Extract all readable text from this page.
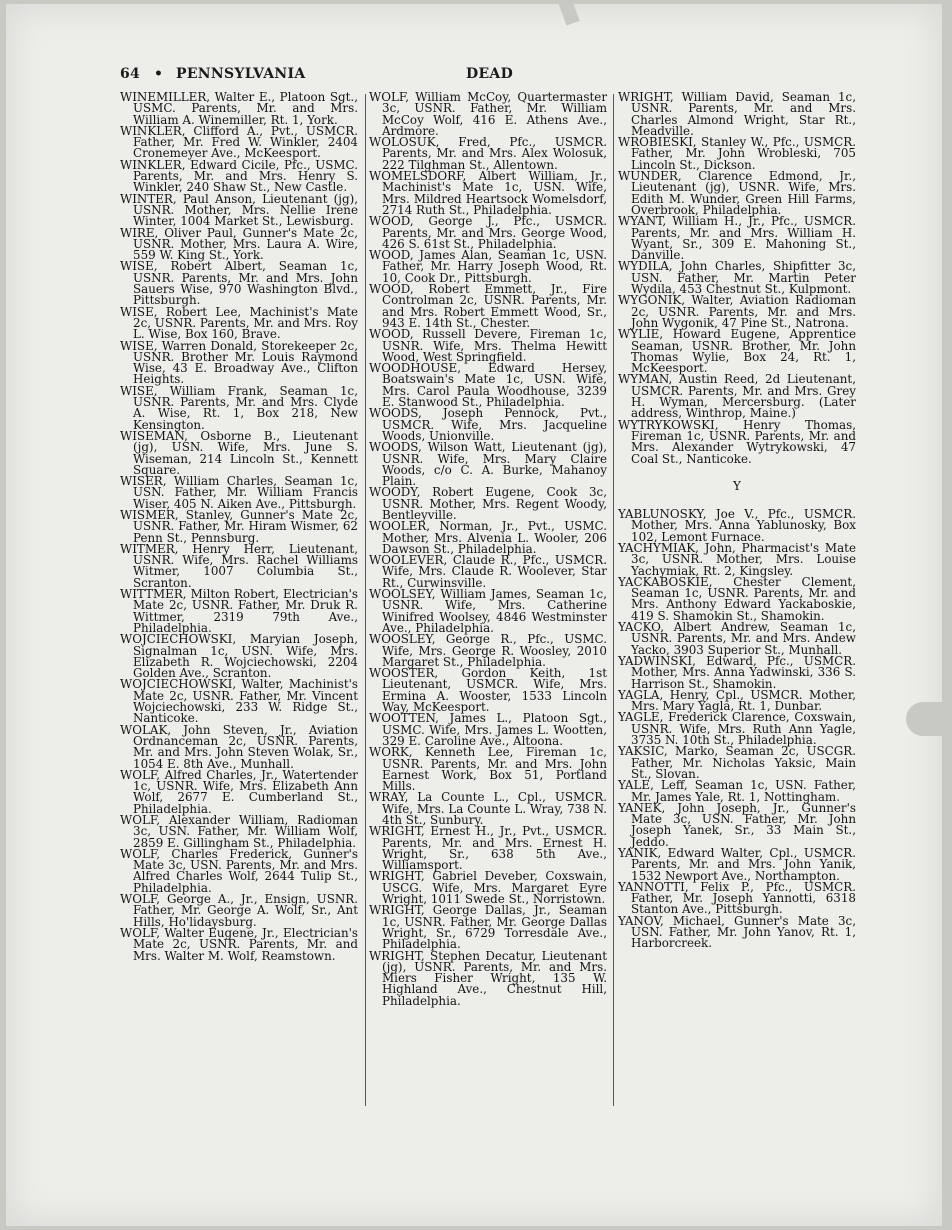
64 • PENNSYLVANIA	DEAD
WINEMILLER, Walter E., Platoon Sgt., USMC. Parents, Mr. and Mrs. William A. Winemiller, Rt. 1, York.
WINKLER, Clifford A., Pvt., USMCR. Father, Mr. Fred W. Winkler, 2404 Cronemeyer Ave., McKeesport.
WINKLER, Edward Cicile, Pfc., USMC. Parents, Mr. and Mrs. Henry S. Winkler, 240 Shaw St., New Castle.
WINTER, Paul Anson, Lieutenant (jg), USNR. Mother, Mrs. Nellie Irene Winter, 1004 Market St., Lewisburg.
WIRE, Oliver Paul, Gunner's Mate 2c, USNR. Mother, Mrs. Laura A. Wire, 559 W. King St., York.
WISE, Robert Albert, Seaman 1c, USNR. Parents, Mr. and Mrs. John Sauers Wise, 970 Washington Blvd., Pittsburgh.
WISE, Robert Lee, Machinist's Mate 2c, USNR. Parents, Mr. and Mrs. Roy L. Wise, Box 160, Brave.
WISE, Warren Donald, Storekeeper 2c, USNR. Brother Mr. Louis Raymond Wise, 43 E. Broadway Ave., Clifton Heights.
WISE, William Frank, Seaman 1c, USNR. Parents, Mr. and Mrs. Clyde A. Wise, Rt. 1, Box 218, New Kensington.
WISEMAN, Osborne B., Lieutenant (jg), USN. Wife, Mrs. June S. Wiseman, 214 Lincoln St., Kennett Square.
WISER, William Charles, Seaman 1c, USN. Father, Mr. William Francis Wiser, 405 N. Aiken Ave., Pittsburgh.
WISMER, Stanley, Gunner's Mate 2c, USNR. Father, Mr. Hiram Wismer, 62 Penn St., Pennsburg.
WITMER, Henry Herr, Lieutenant, USNR. Wife, Mrs. Rachel Williams Witmer, 1007 Columbia St., Scranton.
WITTMER, Milton Robert, Electrician's Mate 2c, USNR. Father, Mr. Druk R. Wittmer, 2319 79th Ave., Philadelphia.
WOJCIECHOWSKI, Maryian Joseph, Signalman 1c, USN. Wife, Mrs. Elizabeth R. Wojciechowski, 2204 Golden Ave., Scranton.
WOJCIECHOWSKI, Walter, Machinist's Mate 2c, USNR. Father, Mr. Vincent Wojciechowski, 233 W. Ridge St., Nanticoke.
WOLAK, John Steven, Jr., Aviation Ordnanceman 2c, USNR. Parents, Mr. and Mrs. John Steven Wolak, Sr., 1054 E. 8th Ave., Munhall.
WOLF, Alfred Charles, Jr., Watertender 1c, USNR. Wife, Mrs. Elizabeth Ann Wolf, 2677 E. Cumberland St., Philadelphia.
WOLF, Alexander William, Radioman 3c, USN. Father, Mr. William Wolf, 2859 E. Gillingham St., Philadelphia.
WOLF, Charles Frederick, Gunner's Mate 3c, USN. Parents, Mr. and Mrs. Alfred Charles Wolf, 2644 Tulip St., Philadelphia.
WOLF, George A., Jr., Ensign, USNR. Father, Mr. George A. Wolf, Sr., Ant Hills, Ho'lidaysburg.
WOLF, Walter Eugene, Jr., Electrician's Mate 2c, USNR. Parents, Mr. and Mrs. Walter M. Wolf, Reamstown.
WOLF, William McCoy, Quartermaster 3c, USNR. Father, Mr. William McCoy Wolf, 416 E. Athens Ave., Ardmore.
WOLOSUK, Fred, Pfc., USMCR. Parents, Mr. and Mrs. Alex Wolosuk, 222 Tilghman St., Allentown.
WOMELSDORF, Albert William, Jr., Machinist's Mate 1c, USN. Wife, Mrs. Mildred Heartsock Womelsdorf, 2714 Ruth St., Philadelphia.
WOOD, George J., Pfc., USMCR. Parents, Mr. and Mrs. George Wood, 426 S. 61st St., Philadelphia.
WOOD, James Alan, Seaman 1c, USN. Father, Mr. Harry Joseph Wood, Rt. 10, Cook Dr., Pittsburgh.
WOOD, Robert Emmett, Jr., Fire Controlman 2c, USNR. Parents, Mr. and Mrs. Robert Emmett Wood, Sr., 943 E. 14th St., Chester.
WOOD, Russell Devere, Fireman 1c, USNR. Wife, Mrs. Thelma Hewitt Wood, West Springfield.
WOODHOUSE, Edward Hersey, Boatswain's Mate 1c, USN. Wife, Mrs. Carol Paula Woodhouse, 3239 E. Stanwood St., Philadelphia.
WOODS, Joseph Pennock, Pvt., USMCR. Wife, Mrs. Jacqueline Woods, Unionville.
WOODS, Wilson Watt, Lieutenant (jg), USNR. Wife, Mrs. Mary Claire Woods, c/o C. A. Burke, Mahanoy Plain.
WOODY, Robert Eugene, Cook 3c, USNR. Mother, Mrs. Regent Woody, Bentleyville.
WOOLER, Norman, Jr., Pvt., USMC. Mother, Mrs. Alvenia L. Wooler, 206 Dawson St., Philadelphia.
WOOLEVER, Claude R., Pfc., USMCR. Wife, Mrs. Claude R. Woolever, Star Rt., Curwinsville.
WOOLSEY, William James, Seaman 1c, USNR. Wife, Mrs. Catherine Winifred Woolsey, 4846 Westminster Ave., Philadelphia.
WOOSLEY, George R., Pfc., USMC. Wife, Mrs. George R. Woosley, 2010 Margaret St., Philadelphia.
WOOSTER, Gordon Keith, 1st Lieutenant, USMCR. Wife, Mrs. Ermina A. Wooster, 1533 Lincoln Way, McKeesport.
WOOTTEN, James L., Platoon Sgt., USMC. Wife, Mrs. James L. Wootten, 329 E. Caroline Ave., Altoona.
WORK, Kenneth Lee, Fireman 1c, USNR. Parents, Mr. and Mrs. John Earnest Work, Box 51, Portland Mills.
WRAY, La Counte L., Cpl., USMCR. Wife, Mrs. La Counte L. Wray, 738 N. 4th St., Sunbury.
WRIGHT, Ernest H., Jr., Pvt., USMCR. Parents, Mr. and Mrs. Ernest H. Wright, Sr., 638 5th Ave., Williamsport.
WRIGHT, Gabriel Deveber, Coxswain, USCG. Wife, Mrs. Margaret Eyre Wright, 1011 Swede St., Norristown.
WRIGHT, George Dallas, Jr., Seaman 1c, USNR. Father, Mr. George Dallas Wright, Sr., 6729 Torresdale Ave., Philadelphia.
WRIGHT, Stephen Decatur, Lieutenant (jg), USNR. Parents, Mr. and Mrs. Miers Fisher Wright, 135 W. Highland Ave., Chestnut Hill, Philadelphia.
WRIGHT, William David, Seaman 1c, USNR. Parents, Mr. and Mrs. Charles Almond Wright, Star Rt., Meadville.
WROBIESKI, Stanley W., Pfc., USMCR. Father, Mr. John Wrobleski, 705 Lincoln St., Dickson.
WUNDER, Clarence Edmond, Jr., Lieutenant (jg), USNR. Wife, Mrs. Edith M. Wunder, Green Hill Farms, Overbrook, Philadelphia.
WYANT, William H., Jr., Pfc., USMCR. Parents, Mr. and Mrs. William H. Wyant, Sr., 309 E. Mahoning St., Danville.
WYDILA, John Charles, Shipfitter 3c, USN. Father, Mr. Martin Peter Wydila, 453 Chestnut St., Kulpmont.
WYGONIK, Walter, Aviation Radioman 2c, USNR. Parents, Mr. and Mrs. John Wygonik, 47 Pine St., Natrona.
WYLIE, Howard Eugene, Apprentice Seaman, USNR. Brother, Mr. John Thomas Wylie, Box 24, Rt. 1, McKeesport.
WYMAN, Austin Reed, 2d Lieutenant, USMCR. Parents, Mr. and Mrs. Grey H. Wyman, Mercersburg. (Later address, Winthrop, Maine.)
WYTRYKOWSKI, Henry Thomas, Fireman 1c, USNR. Parents, Mr. and Mrs. Alexander Wytrykowski, 47 Coal St., Nanticoke.
Y
YABLUNOSKY, Joe V., Pfc., USMCR. Mother, Mrs. Anna Yablunosky, Box 102, Lemont Furnace.
YACHYMIAK, John, Pharmacist's Mate 3c, USNR. Mother, Mrs. Louise Yachymiak, Rt. 2, Kingsley.
YACKABOSKIE, Chester Clement, Seaman 1c, USNR. Parents, Mr. and Mrs. Anthony Edward Yackaboskie, 419 S. Shamokin St., Shamokin.
YACKO, Albert Andrew, Seaman 1c, USNR. Parents, Mr. and Mrs. Andew Yacko, 3903 Superior St., Munhall.
YADWINSKI, Edward, Pfc., USMCR. Mother, Mrs. Anna Yadwinski, 336 S. Harrison St., Shamokin.
YAGLA, Henry, Cpl., USMCR. Mother, Mrs. Mary Yagla, Rt. 1, Dunbar.
YAGLE, Frederick Clarence, Coxswain, USNR. Wife, Mrs. Ruth Ann Yagle, 3735 N. 10th St., Philadelphia.
YAKSIC, Marko, Seaman 2c, USCGR. Father, Mr. Nicholas Yaksic, Main St., Slovan.
YALE, Leff, Seaman 1c, USN. Father, Mr. James Yale, Rt. 1, Nottingham.
YANEK, John Joseph, Jr., Gunner's Mate 3c, USN. Father, Mr. John Joseph Yanek, Sr., 33 Main St., Jeddo.
YANIK, Edward Walter, Cpl., USMCR. Parents, Mr. and Mrs. John Yanik, 1532 Newport Ave., Northampton.
YANNOTTI, Felix P., Pfc., USMCR. Father, Mr. Joseph Yannotti, 6318 Stanton Ave., Pittsburgh.
YANOV, Michael, Gunner's Mate 3c, USN. Father, Mr. John Yanov, Rt. 1, Harborcreek.
